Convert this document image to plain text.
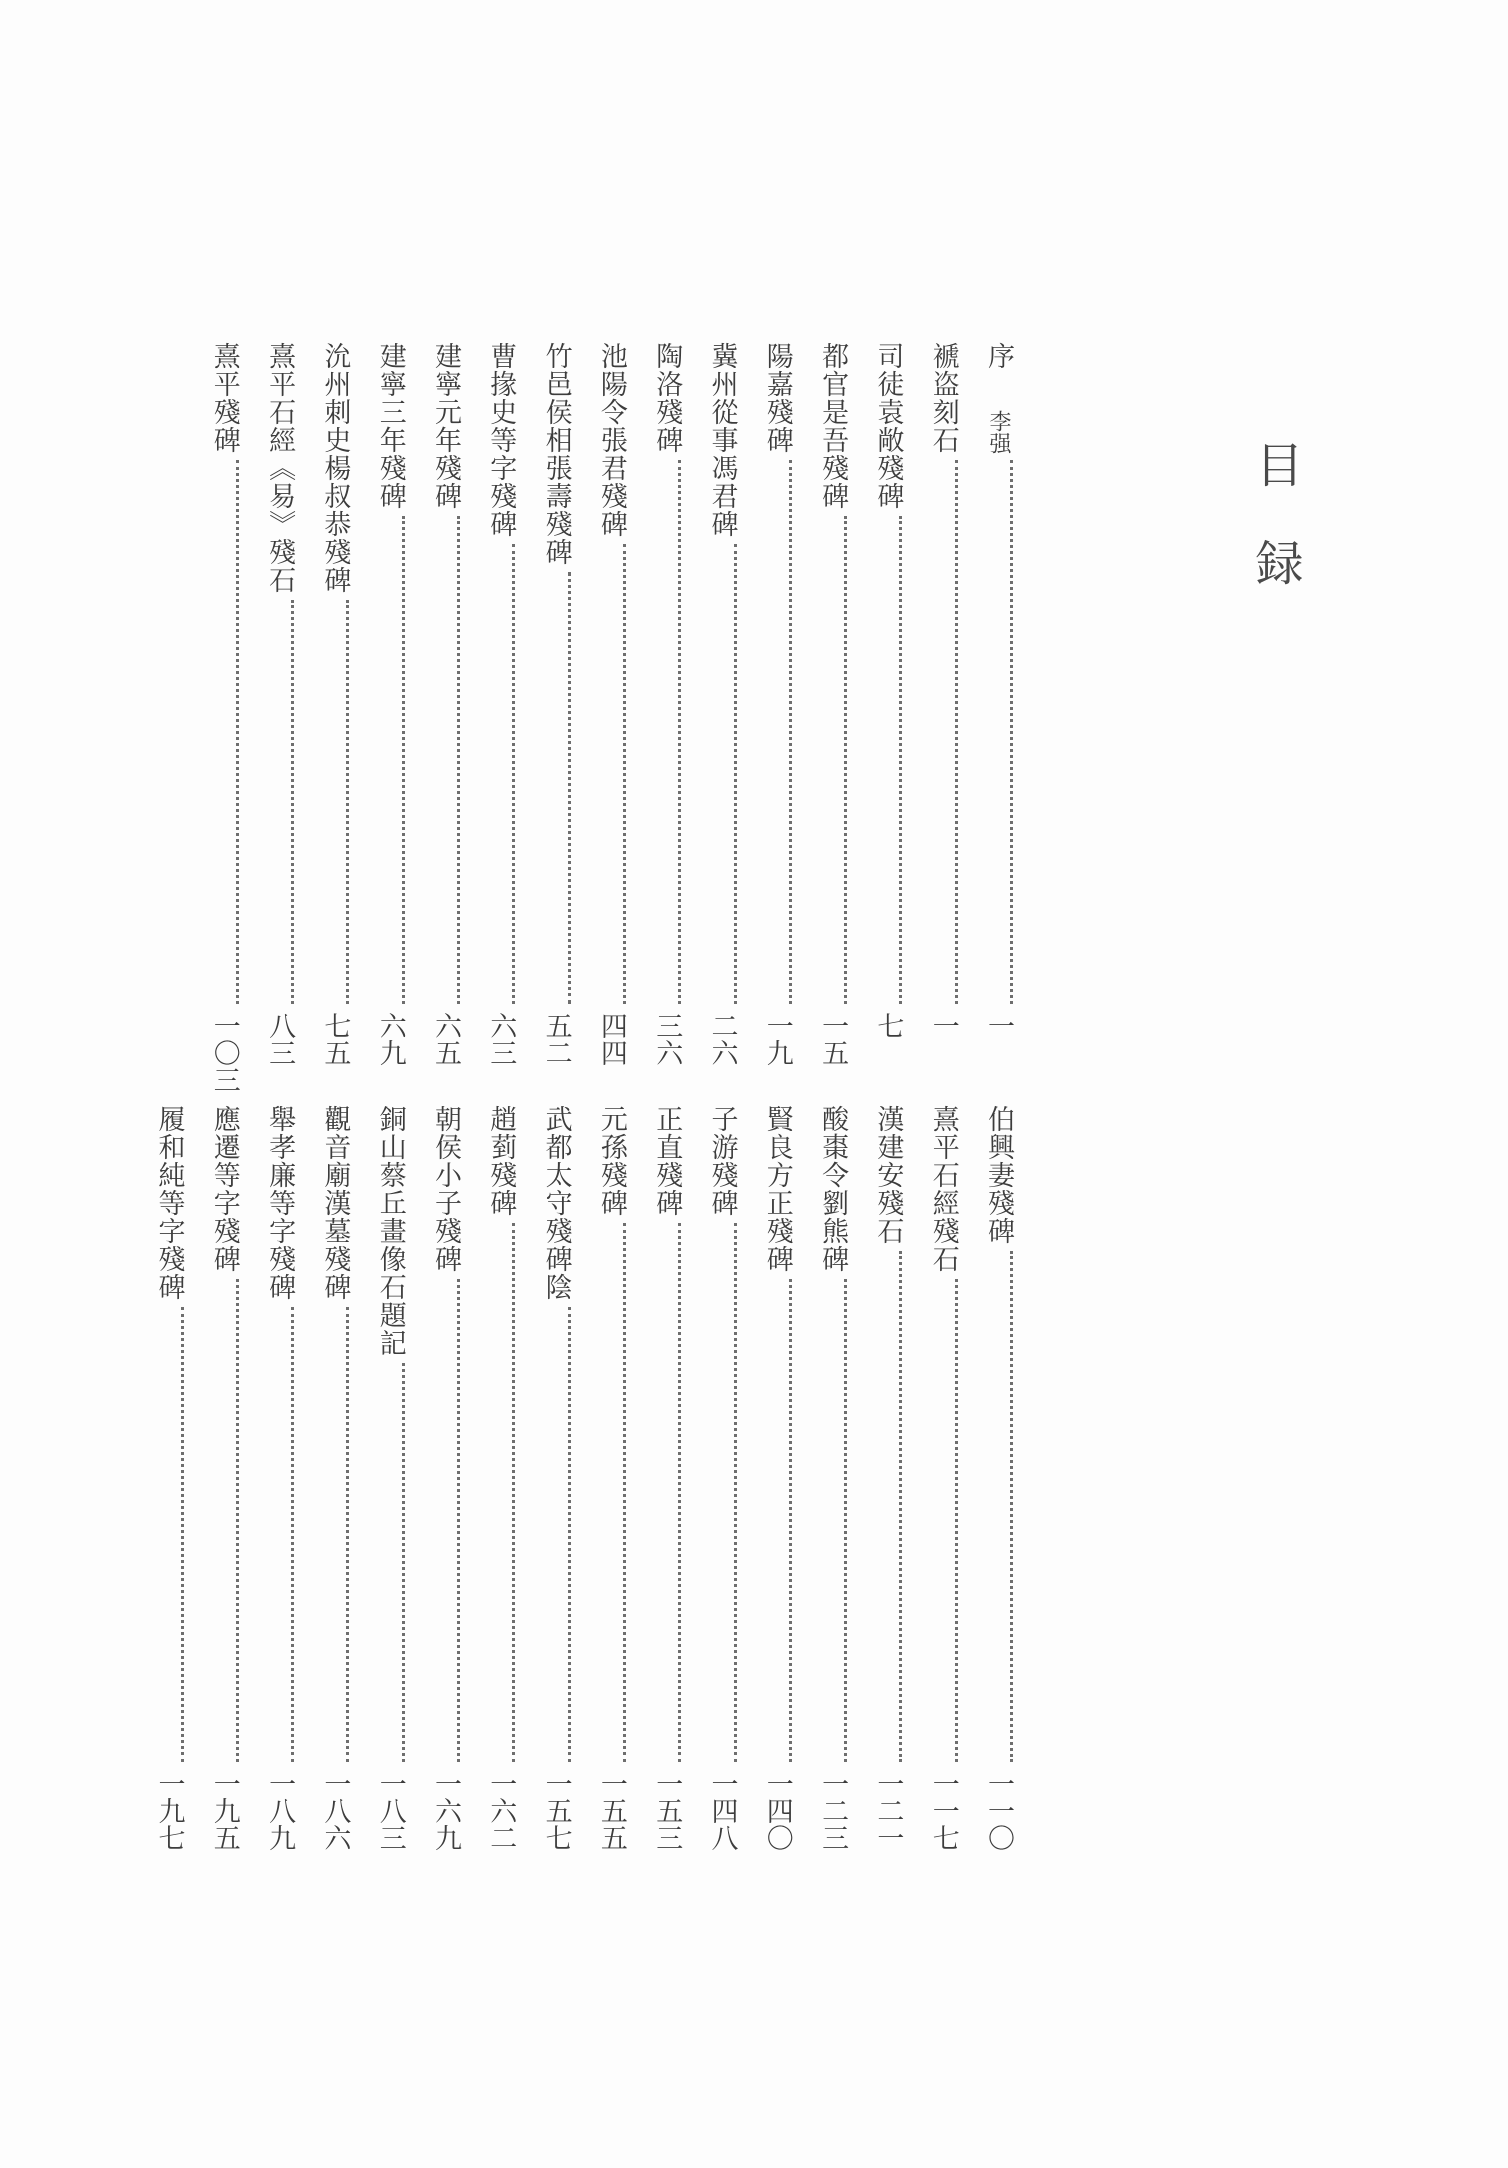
目録
序李强

一
褫盗刻石

一
司徒袁敞殘碑

七
都官是吾殘碑

一五
陽嘉殘碑

一九
冀州從事馮君碑

二六
陶洛殘碑

三六
池陽令張君殘碑

四四
竹邑侯相張壽殘碑

五二
曹掾史等字殘碑

六三
建寧元年殘碑

六五
建寧三年殘碑

六九
沇州刺史楊叔恭殘碑

七五
熹平石經《易》殘石

八三
熹平殘碑

一〇三
伯興妻殘碑

一一〇
熹平石經殘石

一一七
漢建安殘石

一二一
酸棗令劉熊碑

一二三
賢良方正殘碑

一四〇
子游殘碑

一四八
正直殘碑

一五三
元孫殘碑

一五五
武都太守殘碑陰

一五七
趙菿殘碑

一六二
朝侯小子殘碑

一六九
銅山蔡丘畫像石題記

一八三
觀音廟漢墓殘碑

一八六
舉孝廉等字殘碑

一八九
應遷等字殘碑

一九五
履和純等字殘碑

一九七
